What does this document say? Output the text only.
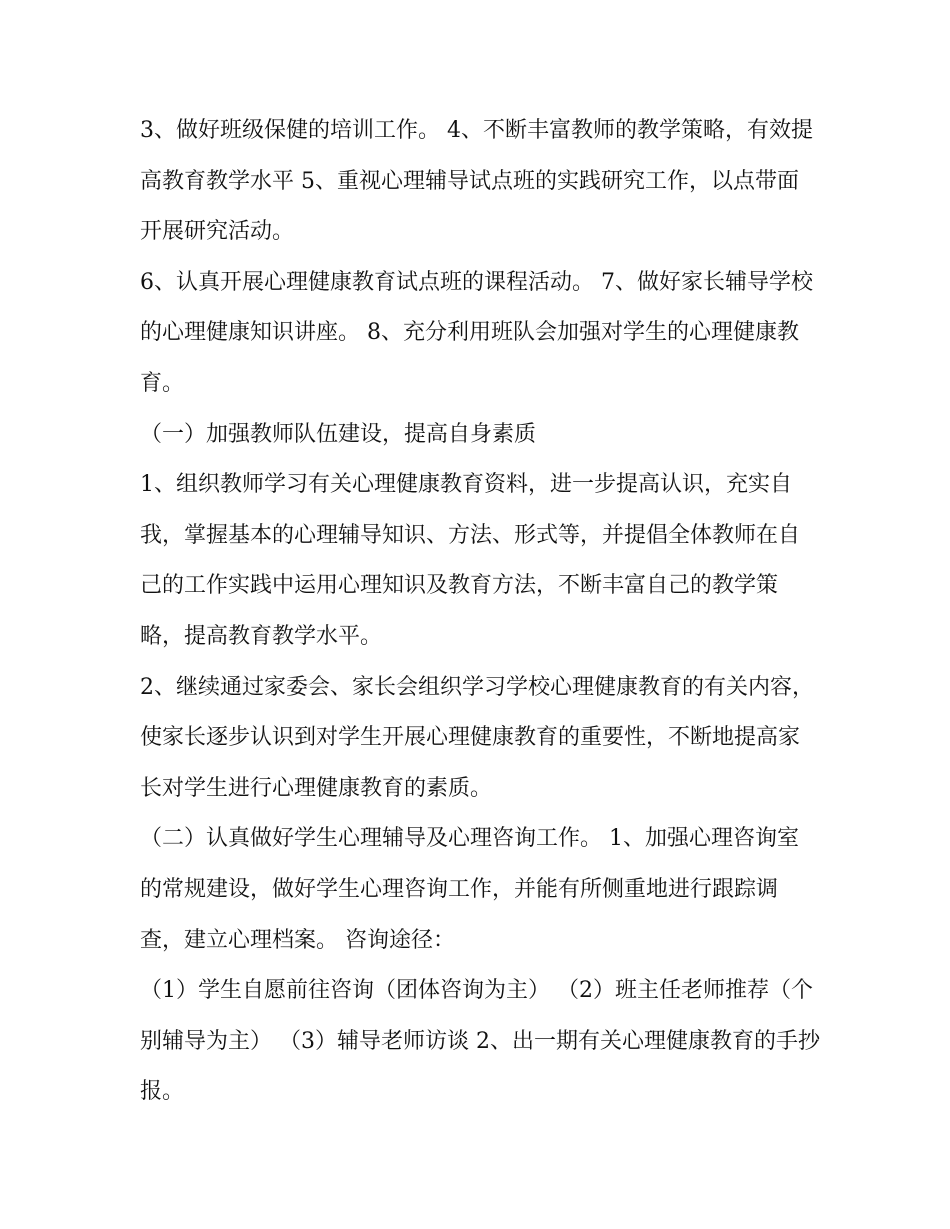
3、做好班级保健的培训工作。 4、不断丰富教师的教学策略，有效提高教育教学水平 5、重视心理辅导试点班的实践研究工作，以点带面开展研究活动。

6、认真开展心理健康教育试点班的课程活动。 7、做好家长辅导学校的心理健康知识讲座。 8、充分利用班队会加强对学生的心理健康教育。

（一）加强教师队伍建设，提高自身素质

1、组织教师学习有关心理健康教育资料，进一步提高认识，充实自我，掌握基本的心理辅导知识、方法、形式等，并提倡全体教师在自己的工作实践中运用心理知识及教育方法，不断丰富自己的教学策略，提高教育教学水平。

2、继续通过家委会、家长会组织学习学校心理健康教育的有关内容，使家长逐步认识到对学生开展心理健康教育的重要性，不断地提高家长对学生进行心理健康教育的素质。

（二）认真做好学生心理辅导及心理咨询工作。 1、加强心理咨询室的常规建设，做好学生心理咨询工作，并能有所侧重地进行跟踪调查，建立心理档案。 咨询途径：

（1）学生自愿前往咨询（团体咨询为主） （2）班主任老师推荐（个别辅导为主） （3）辅导老师访谈 2、出一期有关心理健康教育的手抄报。
